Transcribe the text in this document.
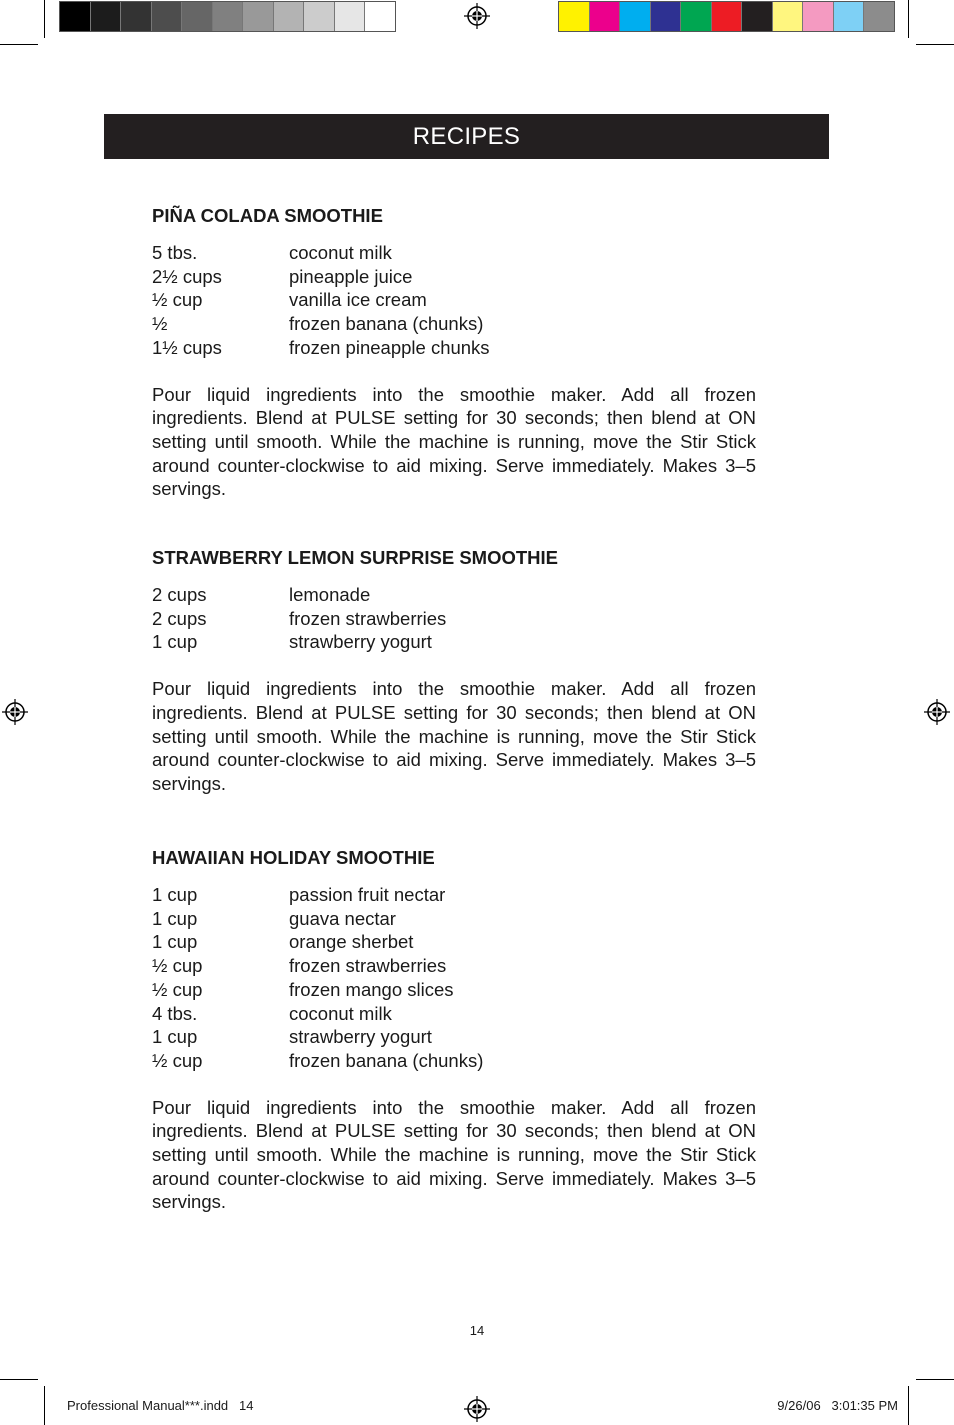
RECIPES
PIÑA COLADA SMOOTHIE
5 tbs.	coconut milk
2½ cups	pineapple juice
½ cup	vanilla ice cream
½	frozen banana (chunks)
1½ cups	frozen pineapple chunks
Pour liquid ingredients into the smoothie maker. Add all frozen ingredients. Blend at PULSE setting for 30 seconds; then blend at ON setting until smooth. While the machine is running, move the Stir Stick around counter-clockwise to aid mixing. Serve immediately. Makes 3–5 servings.
STRAWBERRY LEMON SURPRISE SMOOTHIE
2 cups	lemonade
2 cups	frozen strawberries
1 cup	strawberry yogurt
Pour liquid ingredients into the smoothie maker. Add all frozen ingredients. Blend at PULSE setting for 30 seconds; then blend at ON setting until smooth. While the machine is running, move the Stir Stick around counter-clockwise to aid mixing. Serve immediately. Makes 3–5 servings.
HAWAIIAN HOLIDAY SMOOTHIE
1 cup	passion fruit nectar
1 cup	guava nectar
1 cup	orange sherbet
½ cup	frozen strawberries
½ cup	frozen mango slices
4 tbs.	coconut milk
1 cup	strawberry yogurt
½ cup	frozen banana (chunks)
Pour liquid ingredients into the smoothie maker. Add all frozen ingredients. Blend at PULSE setting for 30 seconds; then blend at ON setting until smooth. While the machine is running, move the Stir Stick around counter-clockwise to aid mixing. Serve immediately. Makes 3–5 servings.
14
Professional Manual***.indd   14	9/26/06   3:01:35 PM
